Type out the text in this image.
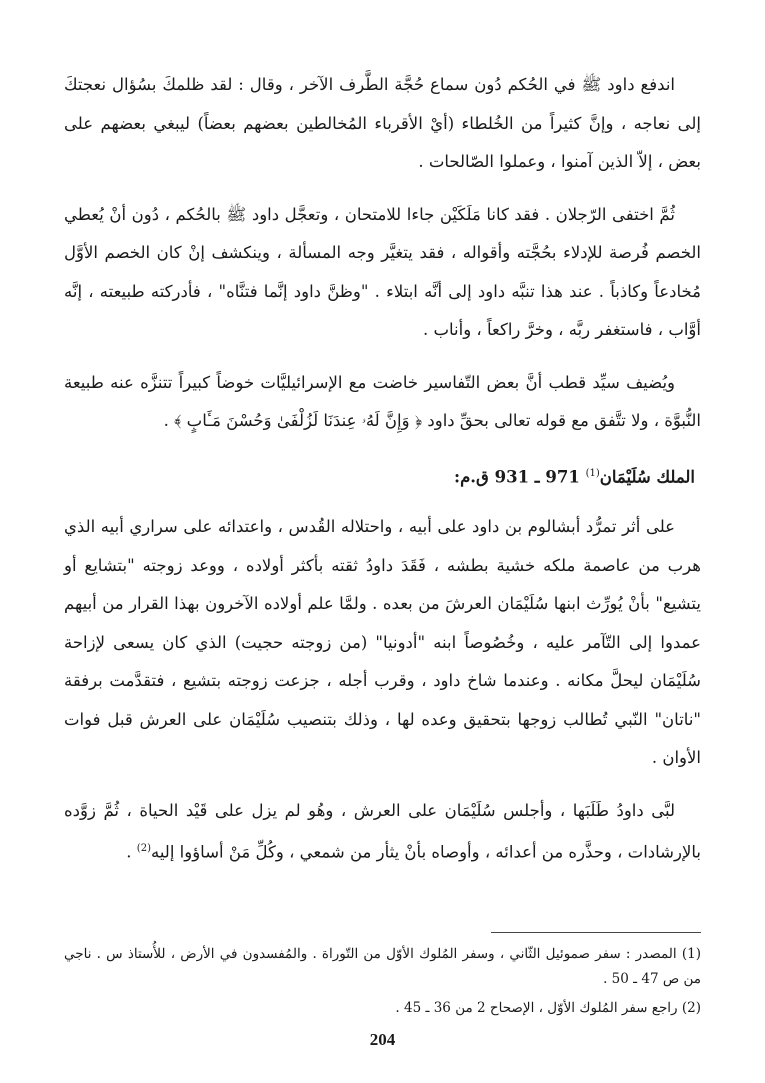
اندفع داود ﷺ في الحُكم دُون سماع حُجَّة الطَّرف الآخر ، وقال : لقد ظلمكَ بسُؤال نعجتكَ إلى نعاجه ، وإنَّ كثيراً من الخُلطاء (أيْ الأقرباء المُخالطين بعضهم بعضاً) ليبغي بعضهم على بعض ، إلاّ الذين آمنوا ، وعملوا الصّالحات .

ثُمَّ اختفى الرّجلان . فقد كانا مَلَكَيْن جاءا للامتحان ، وتعجَّل داود ﷺ بالحُكم ، دُون أنْ يُعطي الخصم فُرصة للإدلاء بحُجَّته وأقواله ، فقد يتغيَّر وجه المسألة ، وينكشف إنْ كان الخصم الأوَّل مُخادعاً وكاذباً . عند هذا تنبَّه داود إلى أنَّه ابتلاء . "وظنَّ داود إنَّما فتنَّاه" ، فأدركته طبيعته ، إنَّه أوَّاب ، فاستغفر ربَّه ، وخرَّ راكعاً ، وأناب .

ويُضيف سيِّد قطب أنَّ بعض التّفاسير خاضت مع الإسرائيليَّات خوضاً كبيراً تتنزَّه عنه طبيعة النُّبوَّة ، ولا تتَّفق مع قوله تعالى بحقِّ داود ﴿ وَإِنَّ لَهُۥ عِندَنَا لَزُلْفَىٰ وَحُسْنَ مَـَٔابٍ ﴾ .

الملك سُلَيْمَان$^{(1)}$ 971 ـ 931 ق.م:

على أثر تمرُّد أبشالوم بن داود على أبيه ، واحتلاله القُدس ، واعتدائه على سراري أبيه الذي هرب من عاصمة ملكه خشية بطشه ، فَقَدَ داودُ ثقته بأكثر أولاده ، ووعد زوجته "بتشايع أو يتشيع" بأنْ يُورِّث ابنها سُلَيْمَان العرشَ من بعده . ولمَّا علم أولاده الآخرون بهذا القرار من أبيهم عمدوا إلى التّآمر عليه ، وخُصُوصاً ابنه "أدونيا" (من زوجته حجيت) الذي كان يسعى لإزاحة سُلَيْمَان ليحلَّ مكانه . وعندما شاخ داود ، وقرب أجله ، جزعت زوجته بتشيع ، فتقدَّمت برفقة "ناتان" النّبي تُطالب زوجها بتحقيق وعده لها ، وذلك بتنصيب سُلَيْمَان على العرش قبل فوات الأوان .

لبَّى داودُ طَلَبَها ، وأجلس سُلَيْمَان على العرش ، وهُو لم يزل على قَيْد الحياة ، ثُمَّ زوَّده بالإرشادات ، وحذَّره من أعدائه ، وأوصاه بأنْ يثأر من شمعي ، وكُلِّ مَنْ أساؤوا إليه$^{(2)}$ .

(1) المصدر : سفر صموئيل الثّاني ، وسفر المُلوك الأوّل من التّوراة . والمُفسدون في الأرض ، للأُستاذ س . ناجي من ص 47 ـ 50 .

(2) راجع سفر المُلوك الأوّل ، الإصحاح 2 من 36 ـ 45 .

204
